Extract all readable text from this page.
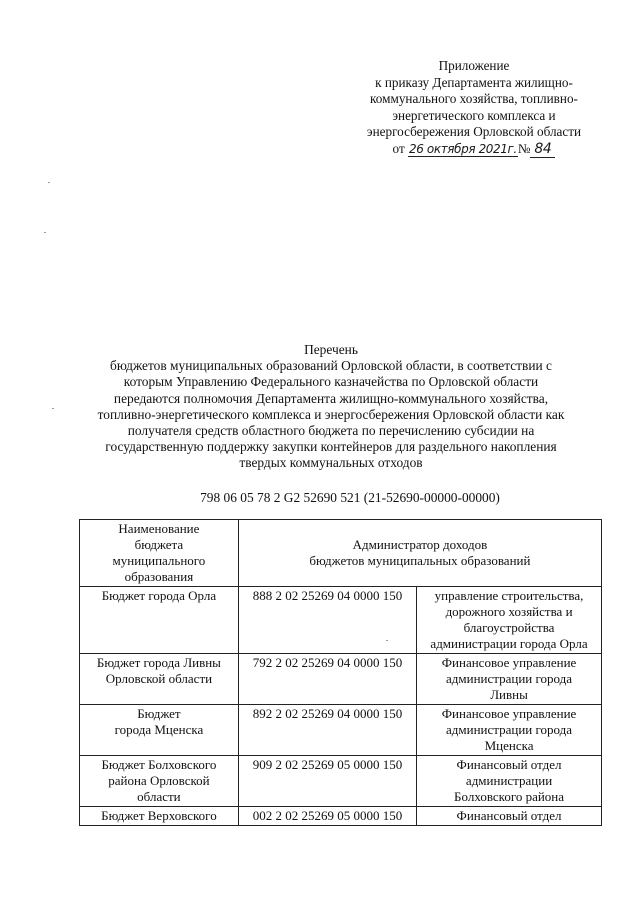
Приложение
к приказу Департамента жилищно-
коммунального хозяйства, топливно-
энергетического комплекса и
энергосбережения Орловской области
от 26 октября 2021г.№ 84
Перечень
бюджетов муниципальных образований Орловской области, в соответствии с
которым Управлению Федерального казначейства по Орловской области
передаются полномочия Департамента жилищно-коммунального хозяйства,
топливно-энергетического комплекса и энергосбережения Орловской области как
получателя средств областного бюджета по перечислению субсидии на
государственную поддержку закупки контейнеров для раздельного накопления
твердых коммунальных отходов
798 06 05 78 2 G2 52690 521 (21-52690-00000-00000)
Наименование
бюджета
муниципального
образования	Администратор доходов
бюджетов муниципальных образований	

Бюджет города Орла	888 2 02 25269 04 0000 150	управление строительства,
дорожного хозяйства и
благоустройства
администрации города Орла

Бюджет города Ливны
Орловской области	792 2 02 25269 04 0000 150	Финансовое управление
администрации города
Ливны

Бюджет
города Мценска	892 2 02 25269 04 0000 150	Финансовое управление
администрации города
Мценска

Бюджет Болховского
района Орловской
области	909 2 02 25269 05 0000 150	Финансовый отдел
администрации
Болховского района

Бюджет Верховского	002 2 02 25269 05 0000 150	Финансовый отдел
